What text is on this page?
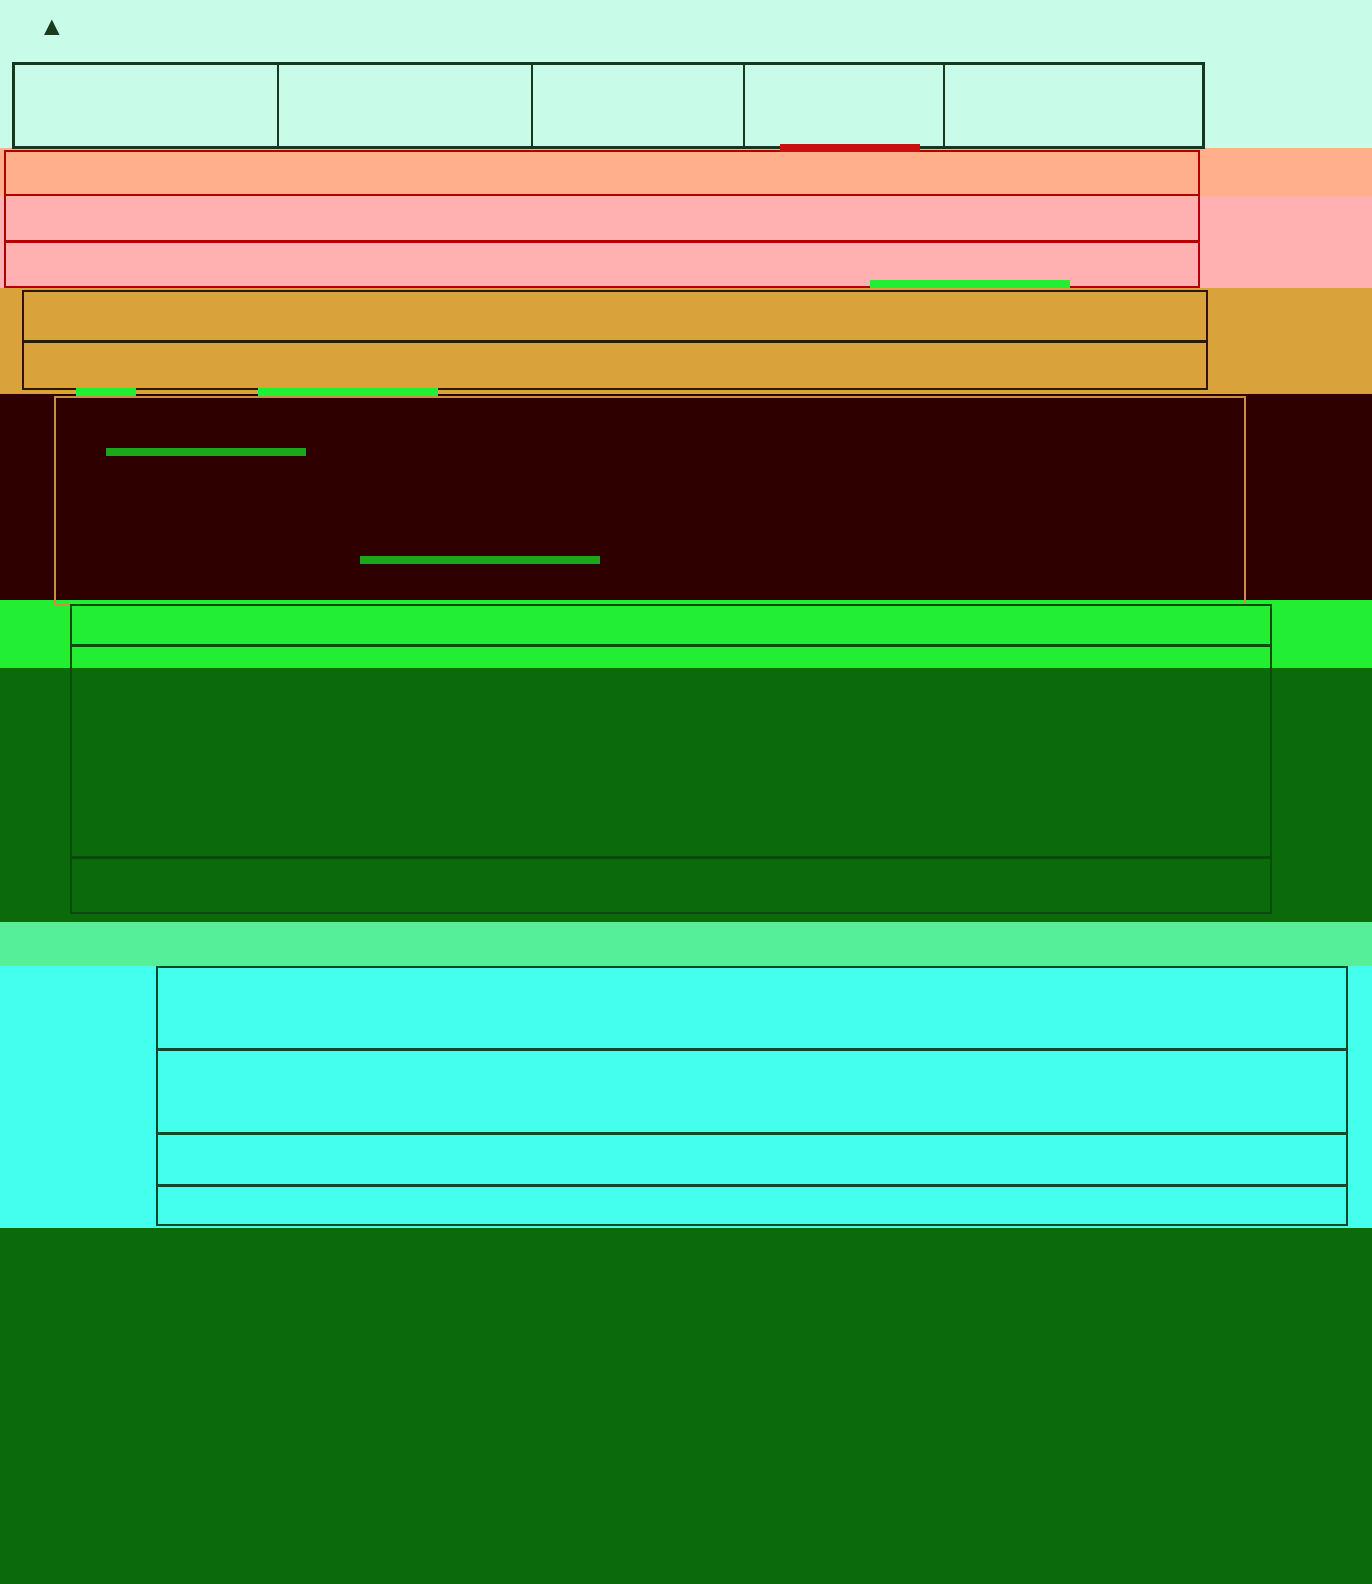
▲
